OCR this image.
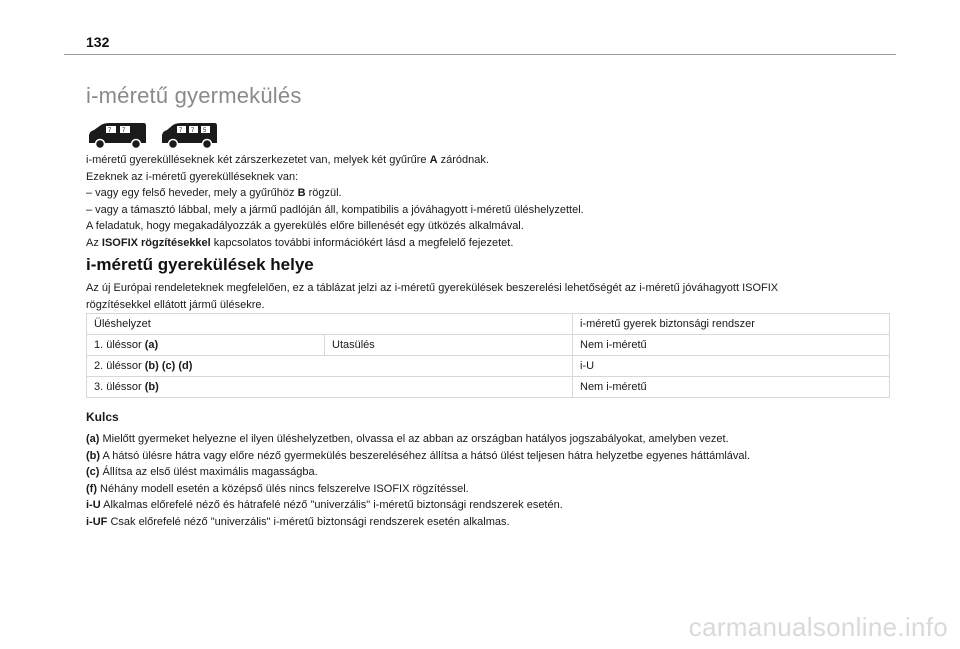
132
i-méretű gyermekülés
7 7	7 7 5

i-méretű gyerekülléseknek két zárszerkezetet van, melyek két gyűrűre A záródnak.

Ezeknek az i-méretű gyerekülléseknek van:

– vagy egy felső heveder, mely a gyűrűhöz B rögzül.

– vagy a támasztó lábbal, mely a jármű padlóján áll, kompatibilis a jóváhagyott i-méretű üléshelyzettel.

A feladatuk, hogy megakadályozzák a gyerekülés előre billenését egy ütközés alkalmával.

Az ISOFIX rögzítésekkel kapcsolatos további információkért lásd a megfelelő fejezetet.

i-méretű gyerekülések helye

Az új Európai rendeleteknek megfelelően, ez a táblázat jelzi az i-méretű gyerekülések beszerelési lehetőségét az i-méretű jóváhagyott ISOFIX

rögzítésekkel ellátott jármű ülésekre.

Üléshelyzet		i-méretű gyerek biztonsági rendszer
1. üléssor (a)	Utasülés	Nem i-méretű
2. üléssor (b) (c) (d)		i-U
3. üléssor (b)		Nem i-méretű
Kulcs

(a) Mielőtt gyermeket helyezne el ilyen üléshelyzetben, olvassa el az abban az országban hatályos jogszabályokat, amelyben vezet.

(b) A hátsó ülésre hátra vagy előre néző gyermekülés beszereléséhez állítsa a hátsó ülést teljesen hátra helyzetbe egyenes háttámlával.

(c) Állítsa az első ülést maximális magasságba.

(f) Néhány modell esetén a középső ülés nincs felszerelve ISOFIX rögzítéssel.

i-U Alkalmas előrefelé néző és hátrafelé néző "univerzális" i-méretű biztonsági rendszerek esetén.

i-UF Csak előrefelé néző "univerzális" i-méretű biztonsági rendszerek esetén alkalmas.

carmanualsonline.info
